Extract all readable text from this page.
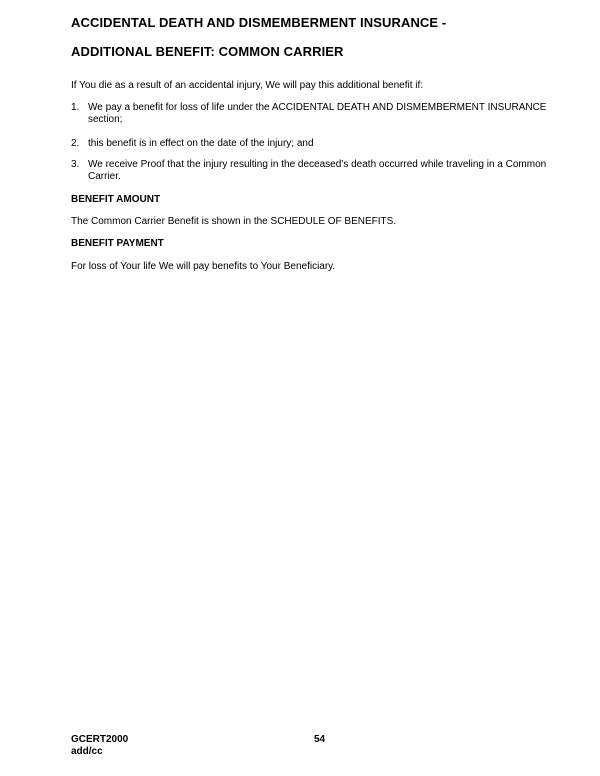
ACCIDENTAL DEATH AND DISMEMBERMENT INSURANCE -
ADDITIONAL BENEFIT: COMMON CARRIER
If You die as a result of an accidental injury, We will pay this additional benefit if:
1. We pay a benefit for loss of life under the ACCIDENTAL DEATH AND DISMEMBERMENT INSURANCE section;
2. this benefit is in effect on the date of the injury; and
3. We receive Proof that the injury resulting in the deceased’s death occurred while traveling in a Common Carrier.
BENEFIT AMOUNT
The Common Carrier Benefit is shown in the SCHEDULE OF BENEFITS.
BENEFIT PAYMENT
For loss of Your life We will pay benefits to Your Beneficiary.
GCERT2000
add/cc
54
